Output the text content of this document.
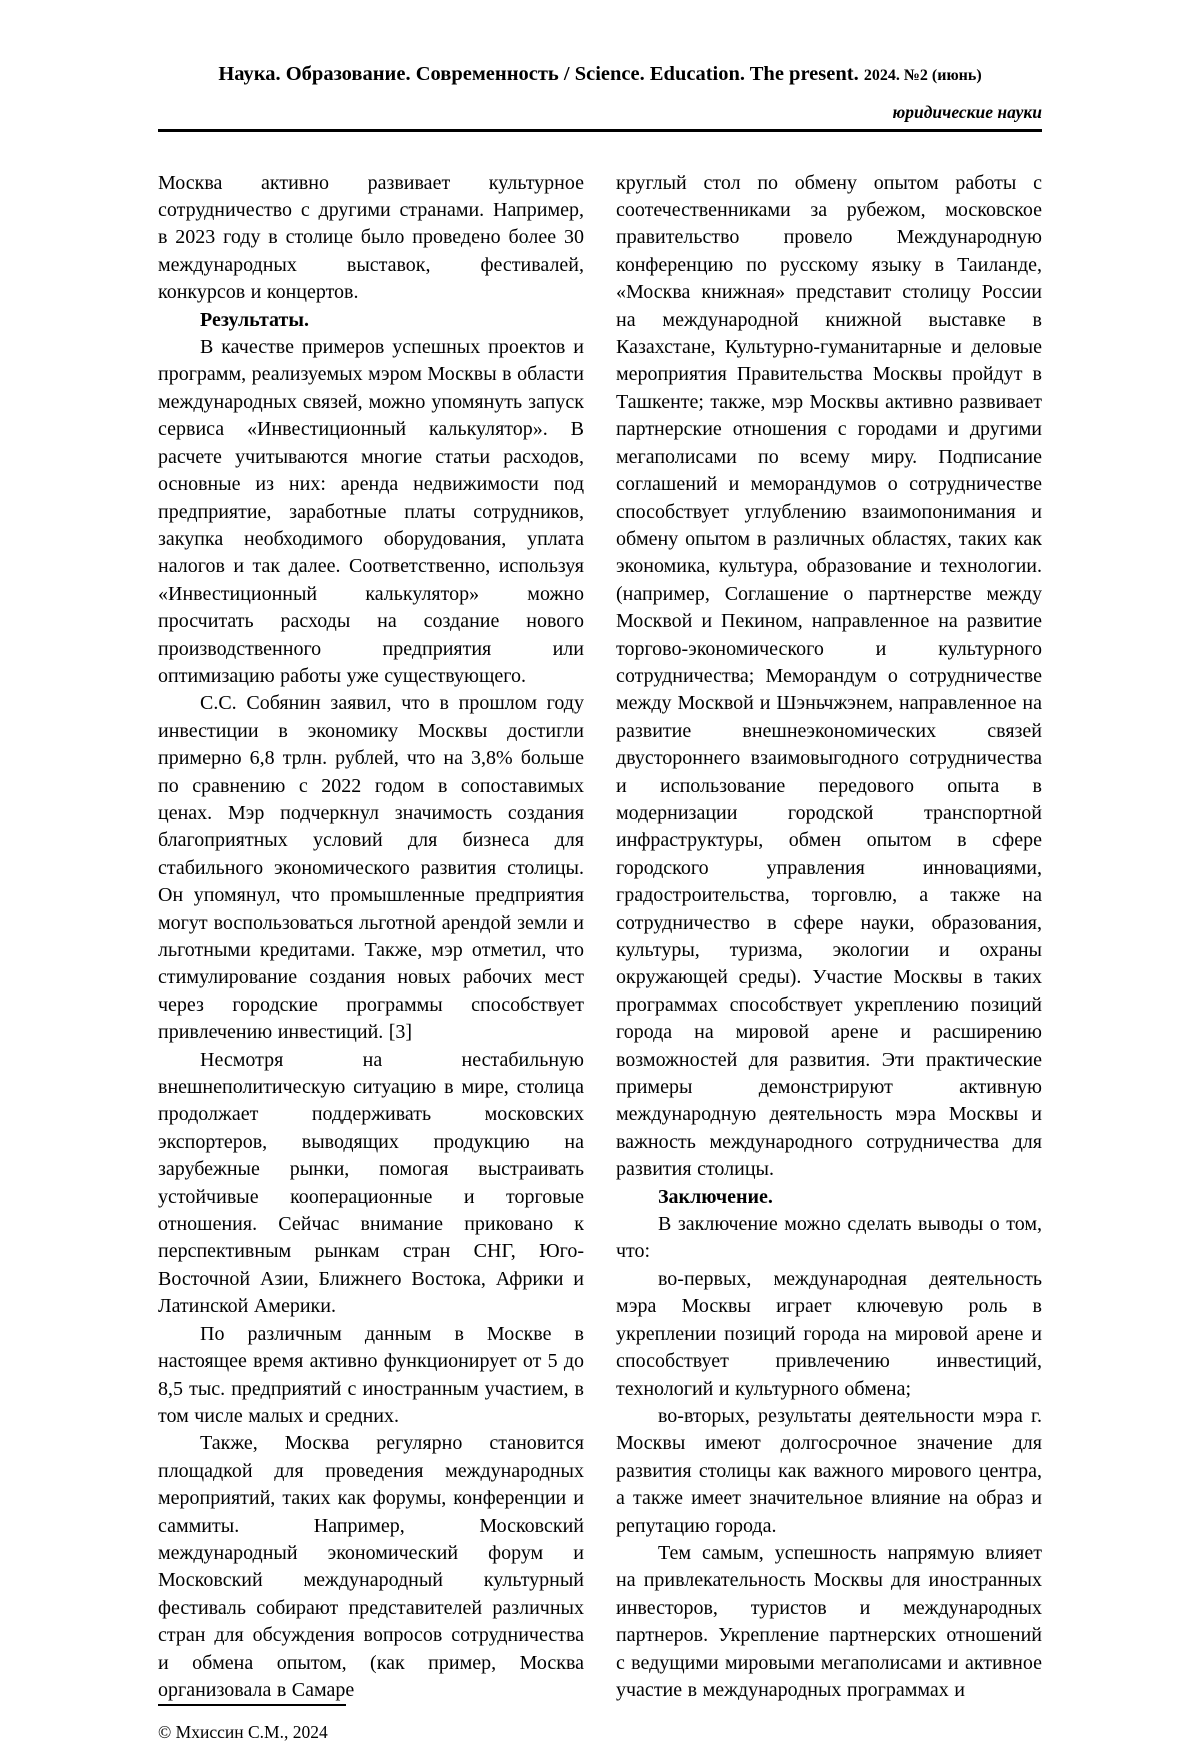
Наука. Образование. Современность / Science. Education. The present. 2024. №2 (июнь)
юридические науки

Москва активно развивает культурное сотрудничество с другими странами. Например, в 2023 году в столице было проведено более 30 международных выставок, фестивалей, конкурсов и концертов.

Результаты.

В качестве примеров успешных проектов и программ, реализуемых мэром Москвы в области международных связей, можно упомянуть запуск сервиса «Инвестиционный калькулятор». В расчете учитываются многие статьи расходов, основные из них: аренда недвижимости под предприятие, заработные платы сотрудников, закупка необходимого оборудования, уплата налогов и так далее. Соответственно, используя «Инвестиционный калькулятор» можно просчитать расходы на создание нового производственного предприятия или оптимизацию работы уже существующего.

С.С. Собянин заявил, что в прошлом году инвестиции в экономику Москвы достигли примерно 6,8 трлн. рублей, что на 3,8% больше по сравнению с 2022 годом в сопоставимых ценах. Мэр подчеркнул значимость создания благоприятных условий для бизнеса для стабильного экономического развития столицы. Он упомянул, что промышленные предприятия могут воспользоваться льготной арендой земли и льготными кредитами. Также, мэр отметил, что стимулирование создания новых рабочих мест через городские программы способствует привлечению инвестиций. [3]

Несмотря на нестабильную внешнеполитическую ситуацию в мире, столица продолжает поддерживать московских экспортеров, выводящих продукцию на зарубежные рынки, помогая выстраивать устойчивые кооперационные и торговые отношения. Сейчас внимание приковано к перспективным рынкам стран СНГ, Юго-Восточной Азии, Ближнего Востока, Африки и Латинской Америки.

По различным данным в Москве в настоящее время активно функционирует от 5 до 8,5 тыс. предприятий с иностранным участием, в том числе малых и средних.

Также, Москва регулярно становится площадкой для проведения международных мероприятий, таких как форумы, конференции и саммиты. Например, Московский международный экономический форум и Московский международный культурный фестиваль собирают представителей различных стран для обсуждения вопросов сотрудничества и обмена опытом, (как пример, Москва организовала в Самаре

круглый стол по обмену опытом работы с соотечественниками за рубежом, московское правительство провело Международную конференцию по русскому языку в Таиланде, «Москва книжная» представит столицу России на международной книжной выставке в Казахстане, Культурно-гуманитарные и деловые мероприятия Правительства Москвы пройдут в Ташкенте; также, мэр Москвы активно развивает партнерские отношения с городами и другими мегаполисами по всему миру. Подписание соглашений и меморандумов о сотрудничестве способствует углублению взаимопонимания и обмену опытом в различных областях, таких как экономика, культура, образование и технологии. (например, Соглашение о партнерстве между Москвой и Пекином, направленное на развитие торгово-экономического и культурного сотрудничества; Меморандум о сотрудничестве между Москвой и Шэньчжэнем, направленное на развитие внешнеэкономических связей двустороннего взаимовыгодного сотрудничества и использование передового опыта в модернизации городской транспортной инфраструктуры, обмен опытом в сфере городского управления инновациями, градостроительства, торговлю, а также на сотрудничество в сфере науки, образования, культуры, туризма, экологии и охраны окружающей среды). Участие Москвы в таких программах способствует укреплению позиций города на мировой арене и расширению возможностей для развития. Эти практические примеры демонстрируют активную международную деятельность мэра Москвы и важность международного сотрудничества для развития столицы.

Заключение.

В заключение можно сделать выводы о том, что:

во-первых, международная деятельность мэра Москвы играет ключевую роль в укреплении позиций города на мировой арене и способствует привлечению инвестиций, технологий и культурного обмена;

во-вторых, результаты деятельности мэра г. Москвы имеют долгосрочное значение для развития столицы как важного мирового центра, а также имеет значительное влияние на образ и репутацию города.

Тем самым, успешность напрямую влияет на привлекательность Москвы для иностранных инвесторов, туристов и международных партнеров. Укрепление партнерских отношений с ведущими мировыми мегаполисами и активное участие в международных программах и

© Мхиссин С.М., 2024
